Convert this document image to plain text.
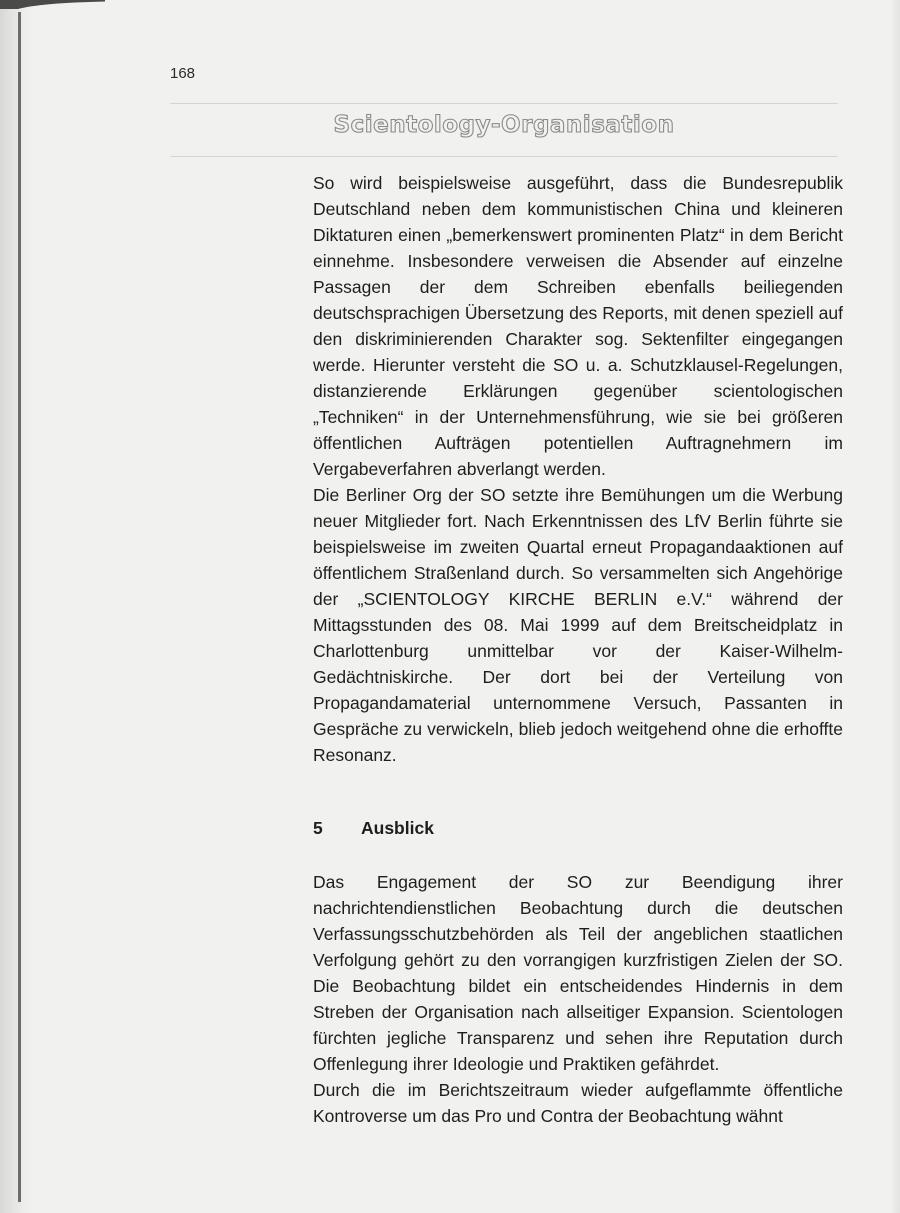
168
Scientology-Organisation

So wird beispielsweise ausgeführt, dass die Bundesrepublik Deutschland neben dem kommunistischen China und kleineren Diktaturen einen „bemerkenswert prominenten Platz“ in dem Bericht einnehme. Insbesondere verweisen die Absender auf einzelne Passagen der dem Schreiben ebenfalls beiliegenden deutschsprachigen Übersetzung des Reports, mit denen speziell auf den diskriminierenden Charakter sog. Sektenfilter eingegangen werde. Hierunter versteht die SO u. a. Schutzklausel-Regelungen, distanzierende Erklärungen gegenüber scientologischen „Techniken“ in der Unternehmensführung, wie sie bei größeren öffentlichen Aufträgen potentiellen Auftragnehmern im Vergabeverfahren abverlangt werden.

Die Berliner Org der SO setzte ihre Bemühungen um die Werbung neuer Mitglieder fort. Nach Erkenntnissen des LfV Berlin führte sie beispielsweise im zweiten Quartal erneut Propagandaaktionen auf öffentlichem Straßenland durch. So versammelten sich Angehörige der „SCIENTOLOGY KIRCHE BERLIN e.V.“ während der Mittagsstunden des 08. Mai 1999 auf dem Breitscheidplatz in Charlottenburg unmittelbar vor der Kaiser-Wilhelm-Gedächtniskirche. Der dort bei der Verteilung von Propagandamaterial unternommene Versuch, Passanten in Gespräche zu verwickeln, blieb jedoch weitgehend ohne die erhoffte Resonanz.

5 Ausblick

Das Engagement der SO zur Beendigung ihrer nachrichtendienstlichen Beobachtung durch die deutschen Verfassungsschutzbehörden als Teil der angeblichen staatlichen Verfolgung gehört zu den vorrangigen kurzfristigen Zielen der SO. Die Beobachtung bildet ein entscheidendes Hindernis in dem Streben der Organisation nach allseitiger Expansion. Scientologen fürchten jegliche Transparenz und sehen ihre Reputation durch Offenlegung ihrer Ideologie und Praktiken gefährdet.

Durch die im Berichtszeitraum wieder aufgeflammte öffentliche Kontroverse um das Pro und Contra der Beobachtung wähnt
